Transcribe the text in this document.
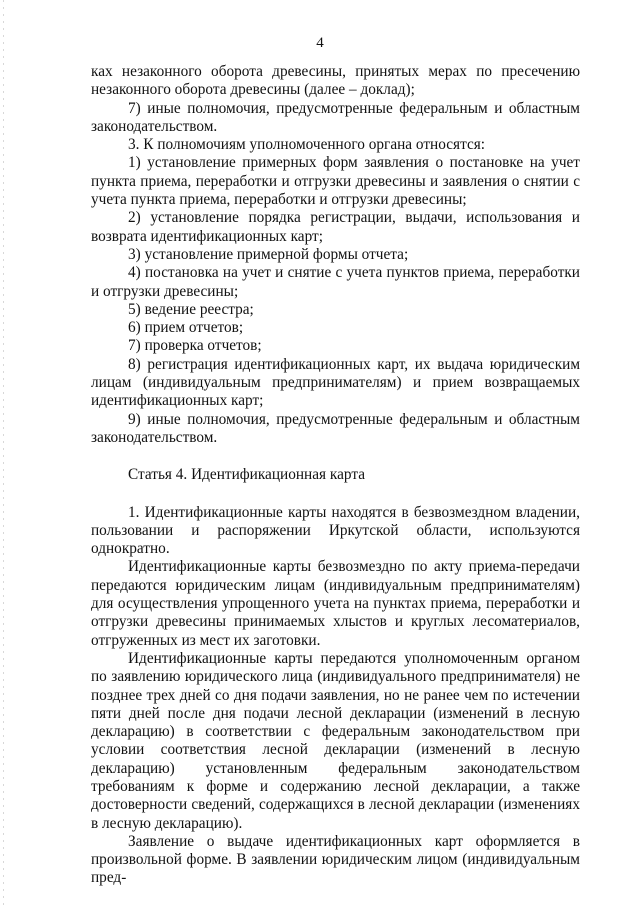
4

ках незаконного оборота древесины, принятых мерах по пресечению незаконного оборота древесины (далее – доклад);

7) иные полномочия, предусмотренные федеральным и областным законодательством.

3. К полномочиям уполномоченного органа относятся:

1) установление примерных форм заявления о постановке на учет пункта приема, переработки и отгрузки древесины и заявления о снятии с учета пункта приема, переработки и отгрузки древесины;

2) установление порядка регистрации, выдачи, использования и возврата идентификационных карт;

3) установление примерной формы отчета;

4) постановка на учет и снятие с учета пунктов приема, переработки и отгрузки древесины;

5) ведение реестра;

6) прием отчетов;

7) проверка отчетов;

8) регистрация идентификационных карт, их выдача юридическим лицам (индивидуальным предпринимателям) и прием возвращаемых идентификационных карт;

9) иные полномочия, предусмотренные федеральным и областным законодательством.

Статья 4. Идентификационная карта

1. Идентификационные карты находятся в безвозмездном владении, пользовании и распоряжении Иркутской области, используются однократно.

Идентификационные карты безвозмездно по акту приема-передачи передаются юридическим лицам (индивидуальным предпринимателям) для осуществления упрощенного учета на пунктах приема, переработки и отгрузки древесины принимаемых хлыстов и круглых лесоматериалов, отгруженных из мест их заготовки.

Идентификационные карты передаются уполномоченным органом по заявлению юридического лица (индивидуального предпринимателя) не позднее трех дней со дня подачи заявления, но не ранее чем по истечении пяти дней после дня подачи лесной декларации (изменений в лесную декларацию) в соответствии с федеральным законодательством при условии соответствия лесной декларации (изменений в лесную декларацию) установленным федеральным законодательством требованиям к форме и содержанию лесной декларации, а также достоверности сведений, содержащихся в лесной декларации (изменениях в лесную декларацию).

Заявление о выдаче идентификационных карт оформляется в произвольной форме. В заявлении юридическим лицом (индивидуальным пред-
